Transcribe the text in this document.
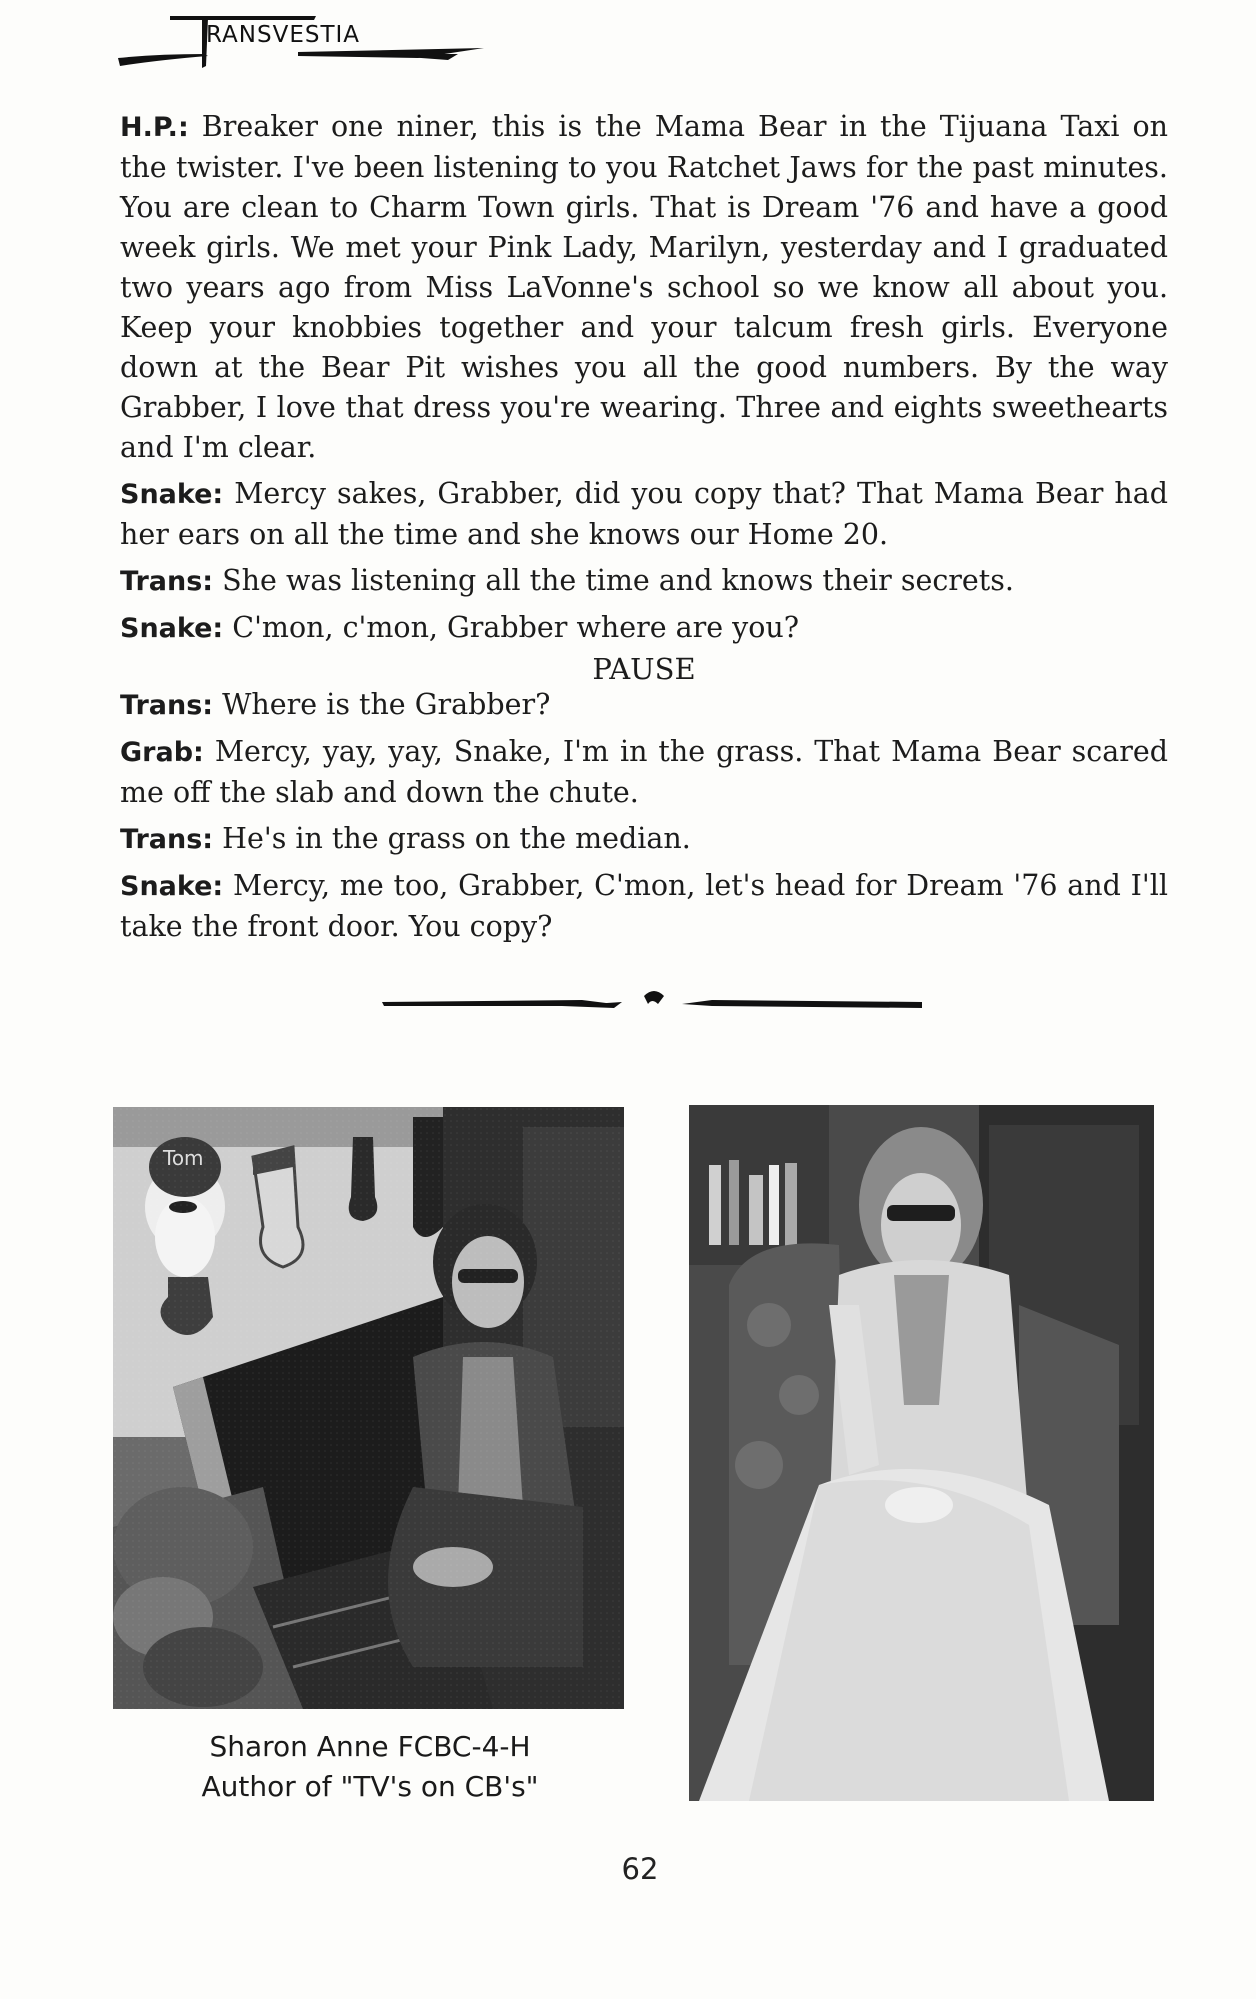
RANSVESTIA

H.P.: Breaker one niner, this is the Mama Bear in the Tijuana Taxi on the twister. I've been listening to you Ratchet Jaws for the past minutes. You are clean to Charm Town girls. That is Dream '76 and have a good week girls. We met your Pink Lady, Marilyn, yesterday and I graduated two years ago from Miss LaVonne's school so we know all about you. Keep your knobbies together and your talcum fresh girls. Everyone down at the Bear Pit wishes you all the good numbers. By the way Grabber, I love that dress you're wearing. Three and eights sweethearts and I'm clear.

Snake: Mercy sakes, Grabber, did you copy that? That Mama Bear had her ears on all the time and she knows our Home 20.

Trans: She was listening all the time and knows their secrets.

Snake: C'mon, c'mon, Grabber where are you?

PAUSE

Trans: Where is the Grabber?

Grab: Mercy, yay, yay, Snake, I'm in the grass. That Mama Bear scared me off the slab and down the chute.

Trans: He's in the grass on the median.

Snake: Mercy, me too, Grabber, C'mon, let's head for Dream '76 and I'll take the front door. You copy?

Sharon Anne FCBC-4-H
Author of "TV's on CB's"
62
